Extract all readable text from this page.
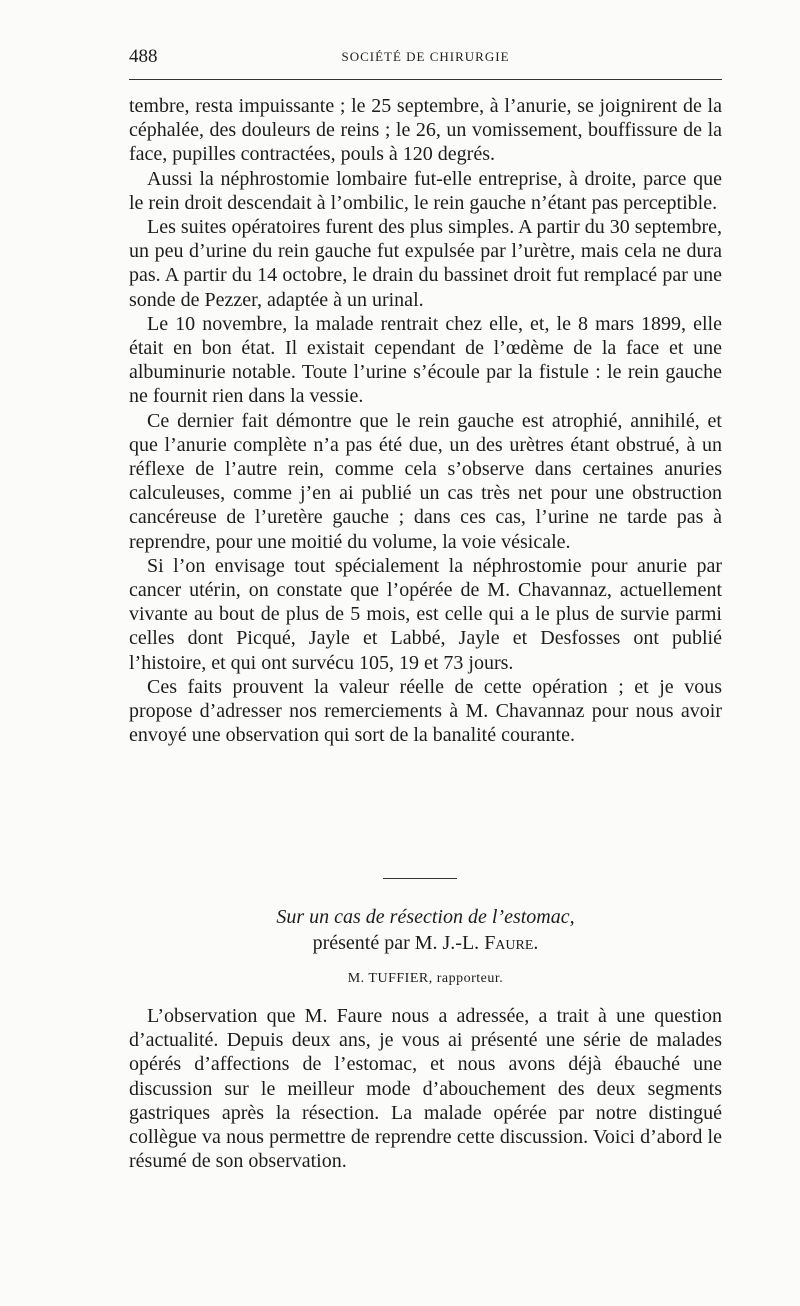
488	SOCIÉTÉ DE CHIRURGIE

tembre, resta impuissante ; le 25 septembre, à l’anurie, se joignirent de la céphalée, des douleurs de reins ; le 26, un vomissement, bouffissure de la face, pupilles contractées, pouls à 120 degrés.

Aussi la néphrostomie lombaire fut-elle entreprise, à droite, parce que le rein droit descendait à l’ombilic, le rein gauche n’étant pas perceptible.

Les suites opératoires furent des plus simples. A partir du 30 septembre, un peu d’urine du rein gauche fut expulsée par l’urètre, mais cela ne dura pas. A partir du 14 octobre, le drain du bassinet droit fut remplacé par une sonde de Pezzer, adaptée à un urinal.

Le 10 novembre, la malade rentrait chez elle, et, le 8 mars 1899, elle était en bon état. Il existait cependant de l’œdème de la face et une albuminurie notable. Toute l’urine s’écoule par la fistule : le rein gauche ne fournit rien dans la vessie.

Ce dernier fait démontre que le rein gauche est atrophié, annihilé, et que l’anurie complète n’a pas été due, un des urètres étant obstrué, à un réflexe de l’autre rein, comme cela s’observe dans certaines anuries calculeuses, comme j’en ai publié un cas très net pour une obstruction cancéreuse de l’uretère gauche ; dans ces cas, l’urine ne tarde pas à reprendre, pour une moitié du volume, la voie vésicale.

Si l’on envisage tout spécialement la néphrostomie pour anurie par cancer utérin, on constate que l’opérée de M. Chavannaz, actuellement vivante au bout de plus de 5 mois, est celle qui a le plus de survie parmi celles dont Picqué, Jayle et Labbé, Jayle et Desfosses ont publié l’histoire, et qui ont survécu 105, 19 et 73 jours.

Ces faits prouvent la valeur réelle de cette opération ; et je vous propose d’adresser nos remerciements à M. Chavannaz pour nous avoir envoyé une observation qui sort de la banalité courante.

Sur un cas de résection de l’estomac,
présenté par M. J.-L. Faure.
M. TUFFIER, rapporteur.

L’observation que M. Faure nous a adressée, a trait à une question d’actualité. Depuis deux ans, je vous ai présenté une série de malades opérés d’affections de l’estomac, et nous avons déjà ébauché une discussion sur le meilleur mode d’abouchement des deux segments gastriques après la résection. La malade opérée par notre distingué collègue va nous permettre de reprendre cette discussion. Voici d’abord le résumé de son observation.
